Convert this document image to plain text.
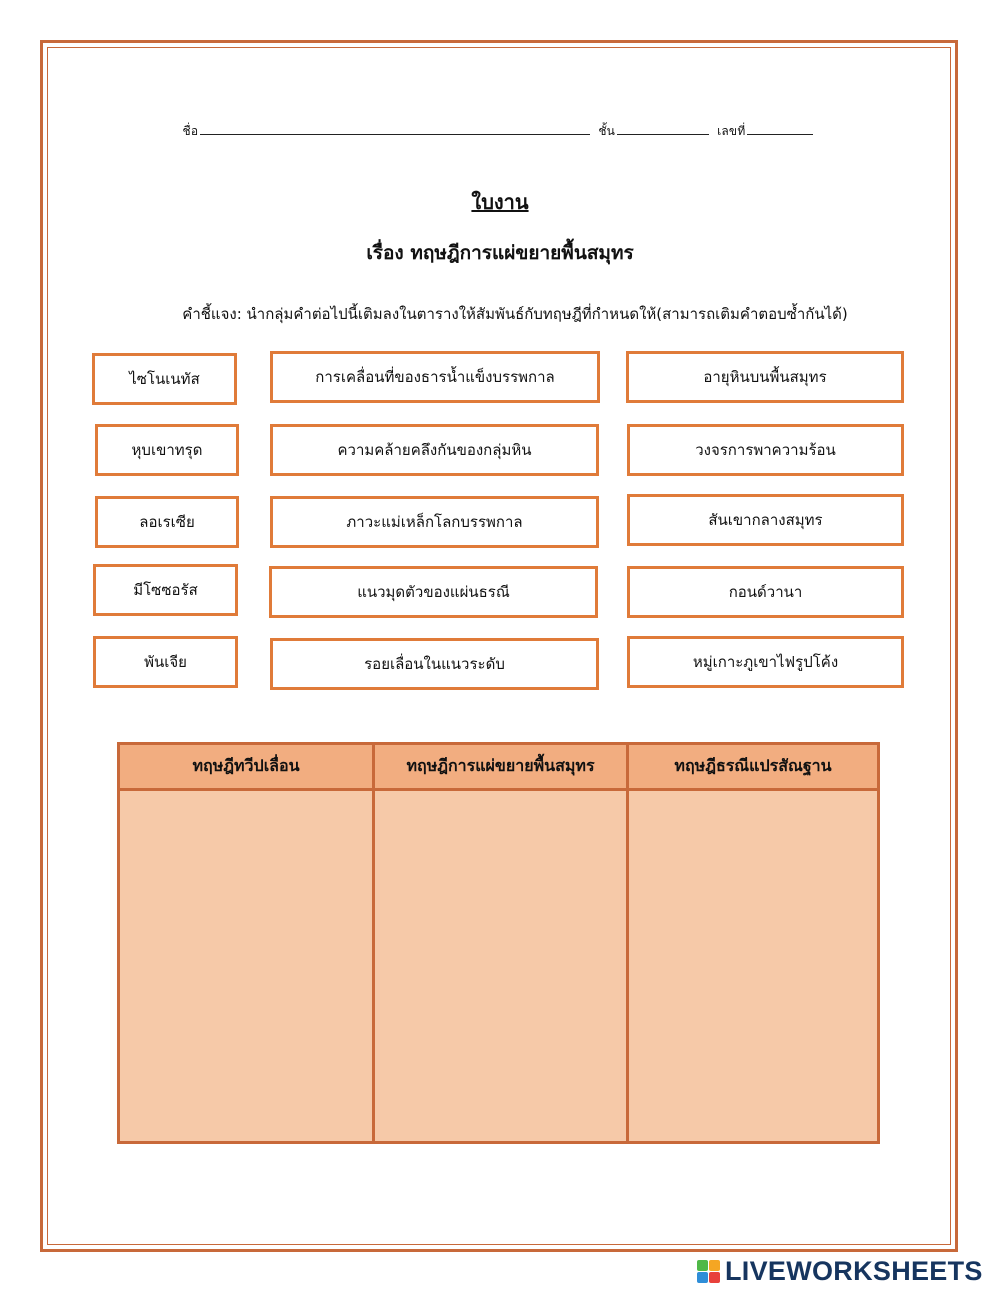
ชื่อ	ชั้น	เลขที่
ใบงาน
เรื่อง ทฤษฎีการแผ่ขยายพื้นสมุทร
คำชี้แจง: นำกลุ่มคำต่อไปนี้เติมลงในตารางให้สัมพันธ์กับทฤษฎีที่กำหนดให้(สามารถเติมคำตอบซ้ำกันได้)
ไซโนเนทัส
หุบเขาทรุด
ลอเรเซีย
มีโซซอรัส
พันเจีย
การเคลื่อนที่ของธารน้ำแข็งบรรพกาล
ความคล้ายคลึงกันของกลุ่มหิน
ภาวะแม่เหล็กโลกบรรพกาล
แนวมุดตัวของแผ่นธรณี
รอยเลื่อนในแนวระดับ
อายุหินบนพื้นสมุทร
วงจรการพาความร้อน
สันเขากลางสมุทร
กอนด์วานา
หมู่เกาะภูเขาไฟรูปโค้ง
ทฤษฎีทวีปเลื่อน	ทฤษฎีการแผ่ขยายพื้นสมุทร	ทฤษฎีธรณีแปรสัณฐาน
LIVEWORKSHEETS
